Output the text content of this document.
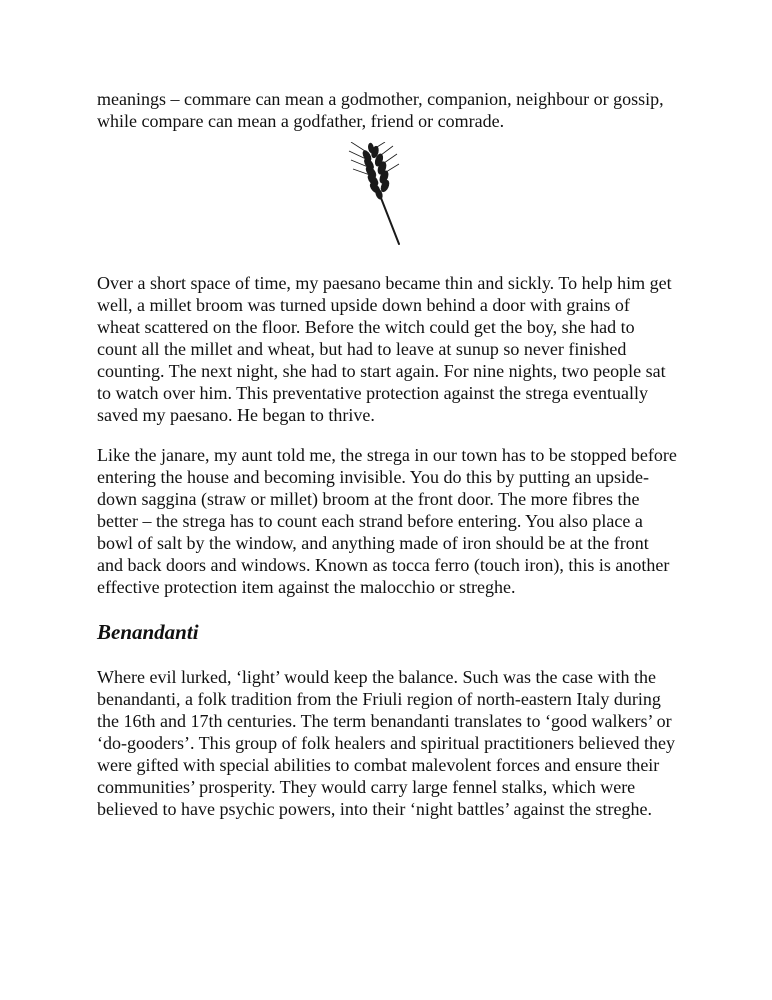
meanings – commare can mean a godmother, companion, neighbour or gossip, while compare can mean a godfather, friend or comrade.

Over a short space of time, my paesano became thin and sickly. To help him get well, a millet broom was turned upside down behind a door with grains of wheat scattered on the floor. Before the witch could get the boy, she had to count all the millet and wheat, but had to leave at sunup so never finished counting. The next night, she had to start again. For nine nights, two people sat to watch over him. This preventative protection against the strega eventually saved my paesano. He began to thrive.

Like the janare, my aunt told me, the strega in our town has to be stopped before entering the house and becoming invisible. You do this by putting an upside-down saggina (straw or millet) broom at the front door. The more fibres the better – the strega has to count each strand before entering. You also place a bowl of salt by the window, and anything made of iron should be at the front and back doors and windows. Known as tocca ferro (touch iron), this is another effective protection item against the malocchio or streghe.

Benandanti

Where evil lurked, ‘light’ would keep the balance. Such was the case with the benandanti, a folk tradition from the Friuli region of north-eastern Italy during the 16th and 17th centuries. The term benandanti translates to ‘good walkers’ or ‘do-gooders’. This group of folk healers and spiritual practitioners believed they were gifted with special abilities to combat malevolent forces and ensure their communities’ prosperity. They would carry large fennel stalks, which were believed to have psychic powers, into their ‘night battles’ against the streghe.
